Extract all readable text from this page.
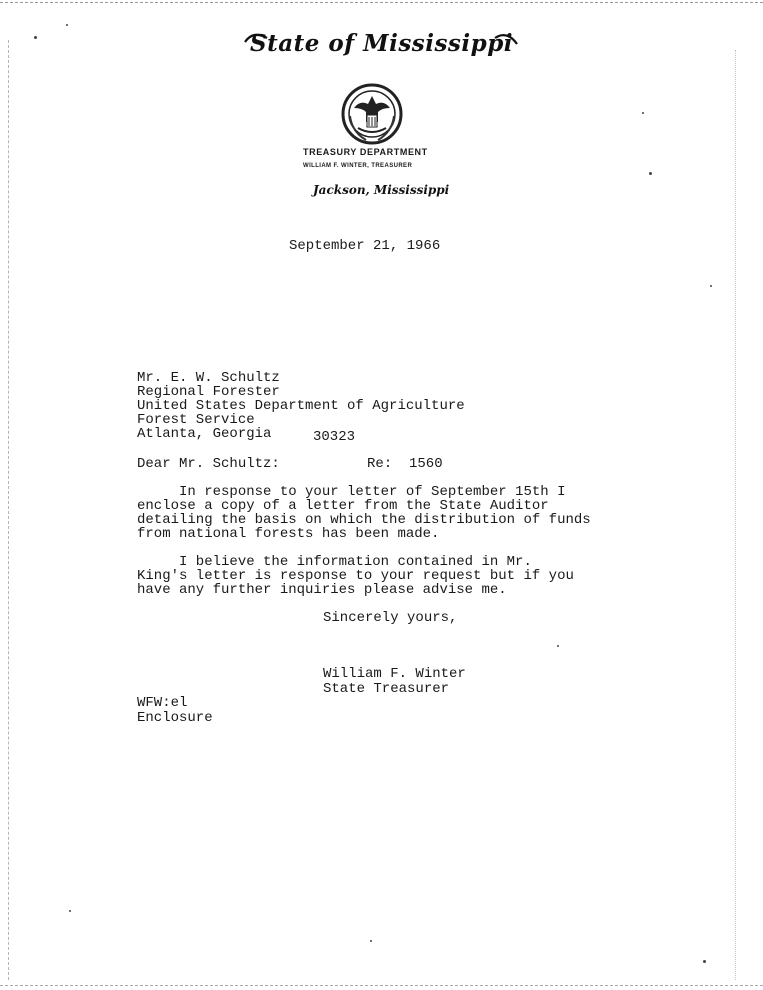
State of Mississippi
TREASURY DEPARTMENT
WILLIAM F. WINTER, TREASURER
Jackson, Mississippi
September 21, 1966
Mr. E. W. Schultz
Regional Forester
United States Department of Agriculture
Forest Service
Atlanta, Georgia	30323
Dear Mr. Schultz:	Re:  1560
In response to your letter of September 15th I
enclose a copy of a letter from the State Auditor
detailing the basis on which the distribution of funds
from national forests has been made.
I believe the information contained in Mr.
King's letter is response to your request but if you
have any further inquiries please advise me.
Sincerely yours,
William F. Winter
State Treasurer
WFW:el
Enclosure
